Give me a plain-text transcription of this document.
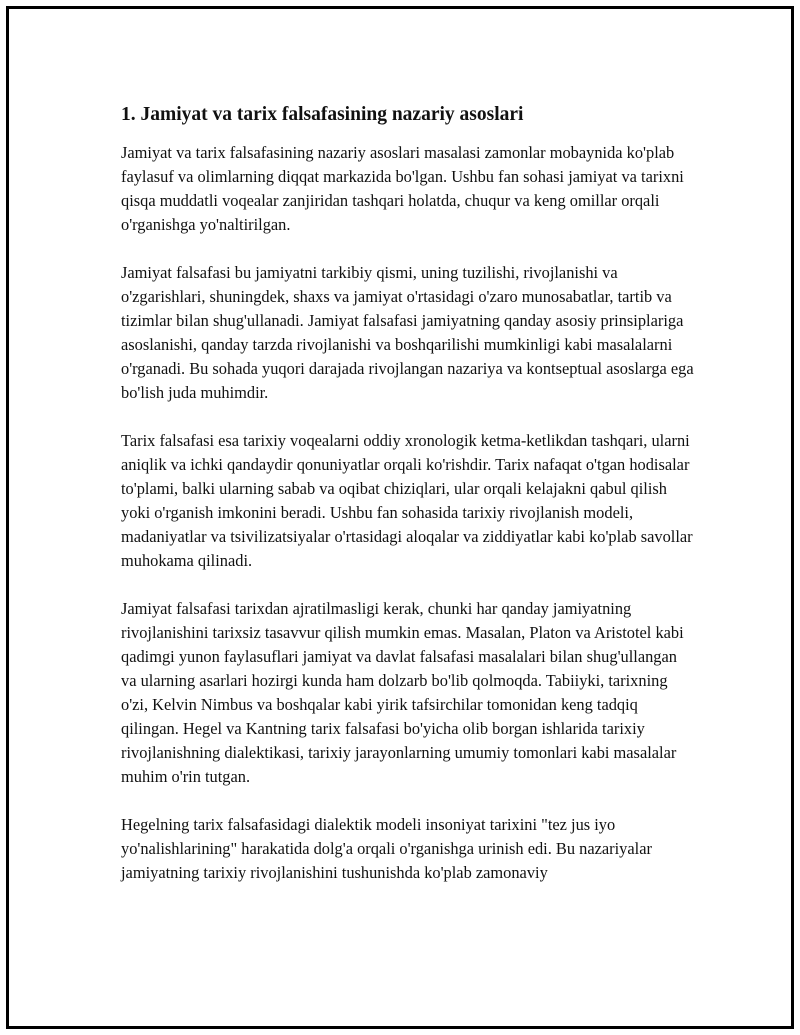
1. Jamiyat va tarix falsafasining nazariy asoslari

Jamiyat va tarix falsafasining nazariy asoslari masalasi zamonlar mobaynida ko'plab faylasuf va olimlarning diqqat markazida bo'lgan. Ushbu fan sohasi jamiyat va tarixni qisqa muddatli voqealar zanjiridan tashqari holatda, chuqur va keng omillar orqali o'rganishga yo'naltirilgan.

Jamiyat falsafasi bu jamiyatni tarkibiy qismi, uning tuzilishi, rivojlanishi va o'zgarishlari, shuningdek, shaxs va jamiyat o'rtasidagi o'zaro munosabatlar, tartib va tizimlar bilan shug'ullanadi. Jamiyat falsafasi jamiyatning qanday asosiy prinsiplariga asoslanishi, qanday tarzda rivojlanishi va boshqarilishi mumkinligi kabi masalalarni o'rganadi. Bu sohada yuqori darajada rivojlangan nazariya va kontseptual asoslarga ega bo'lish juda muhimdir.

Tarix falsafasi esa tarixiy voqealarni oddiy xronologik ketma-ketlikdan tashqari, ularni aniqlik va ichki qandaydir qonuniyatlar orqali ko'rishdir. Tarix nafaqat o'tgan hodisalar to'plami, balki ularning sabab va oqibat chiziqlari, ular orqali kelajakni qabul qilish yoki o'rganish imkonini beradi. Ushbu fan sohasida tarixiy rivojlanish modeli, madaniyatlar va tsivilizatsiyalar o'rtasidagi aloqalar va ziddiyatlar kabi ko'plab savollar muhokama qilinadi.

Jamiyat falsafasi tarixdan ajratilmasligi kerak, chunki har qanday jamiyatning rivojlanishini tarixsiz tasavvur qilish mumkin emas. Masalan, Platon va Aristotel kabi qadimgi yunon faylasuflari jamiyat va davlat falsafasi masalalari bilan shug'ullangan va ularning asarlari hozirgi kunda ham dolzarb bo'lib qolmoqda. Tabiiyki, tarixning o'zi, Kelvin Nimbus va boshqalar kabi yirik tafsirchilar tomonidan keng tadqiq qilingan. Hegel va Kantning tarix falsafasi bo'yicha olib borgan ishlarida tarixiy rivojlanishning dialektikasi, tarixiy jarayonlarning umumiy tomonlari kabi masalalar muhim o'rin tutgan.

Hegelning tarix falsafasidagi dialektik modeli insoniyat tarixini "tez jus iyo yo'nalishlarining" harakatida dolg'a orqali o'rganishga urinish edi. Bu nazariyalar jamiyatning tarixiy rivojlanishini tushunishda ko'plab zamonaviy
